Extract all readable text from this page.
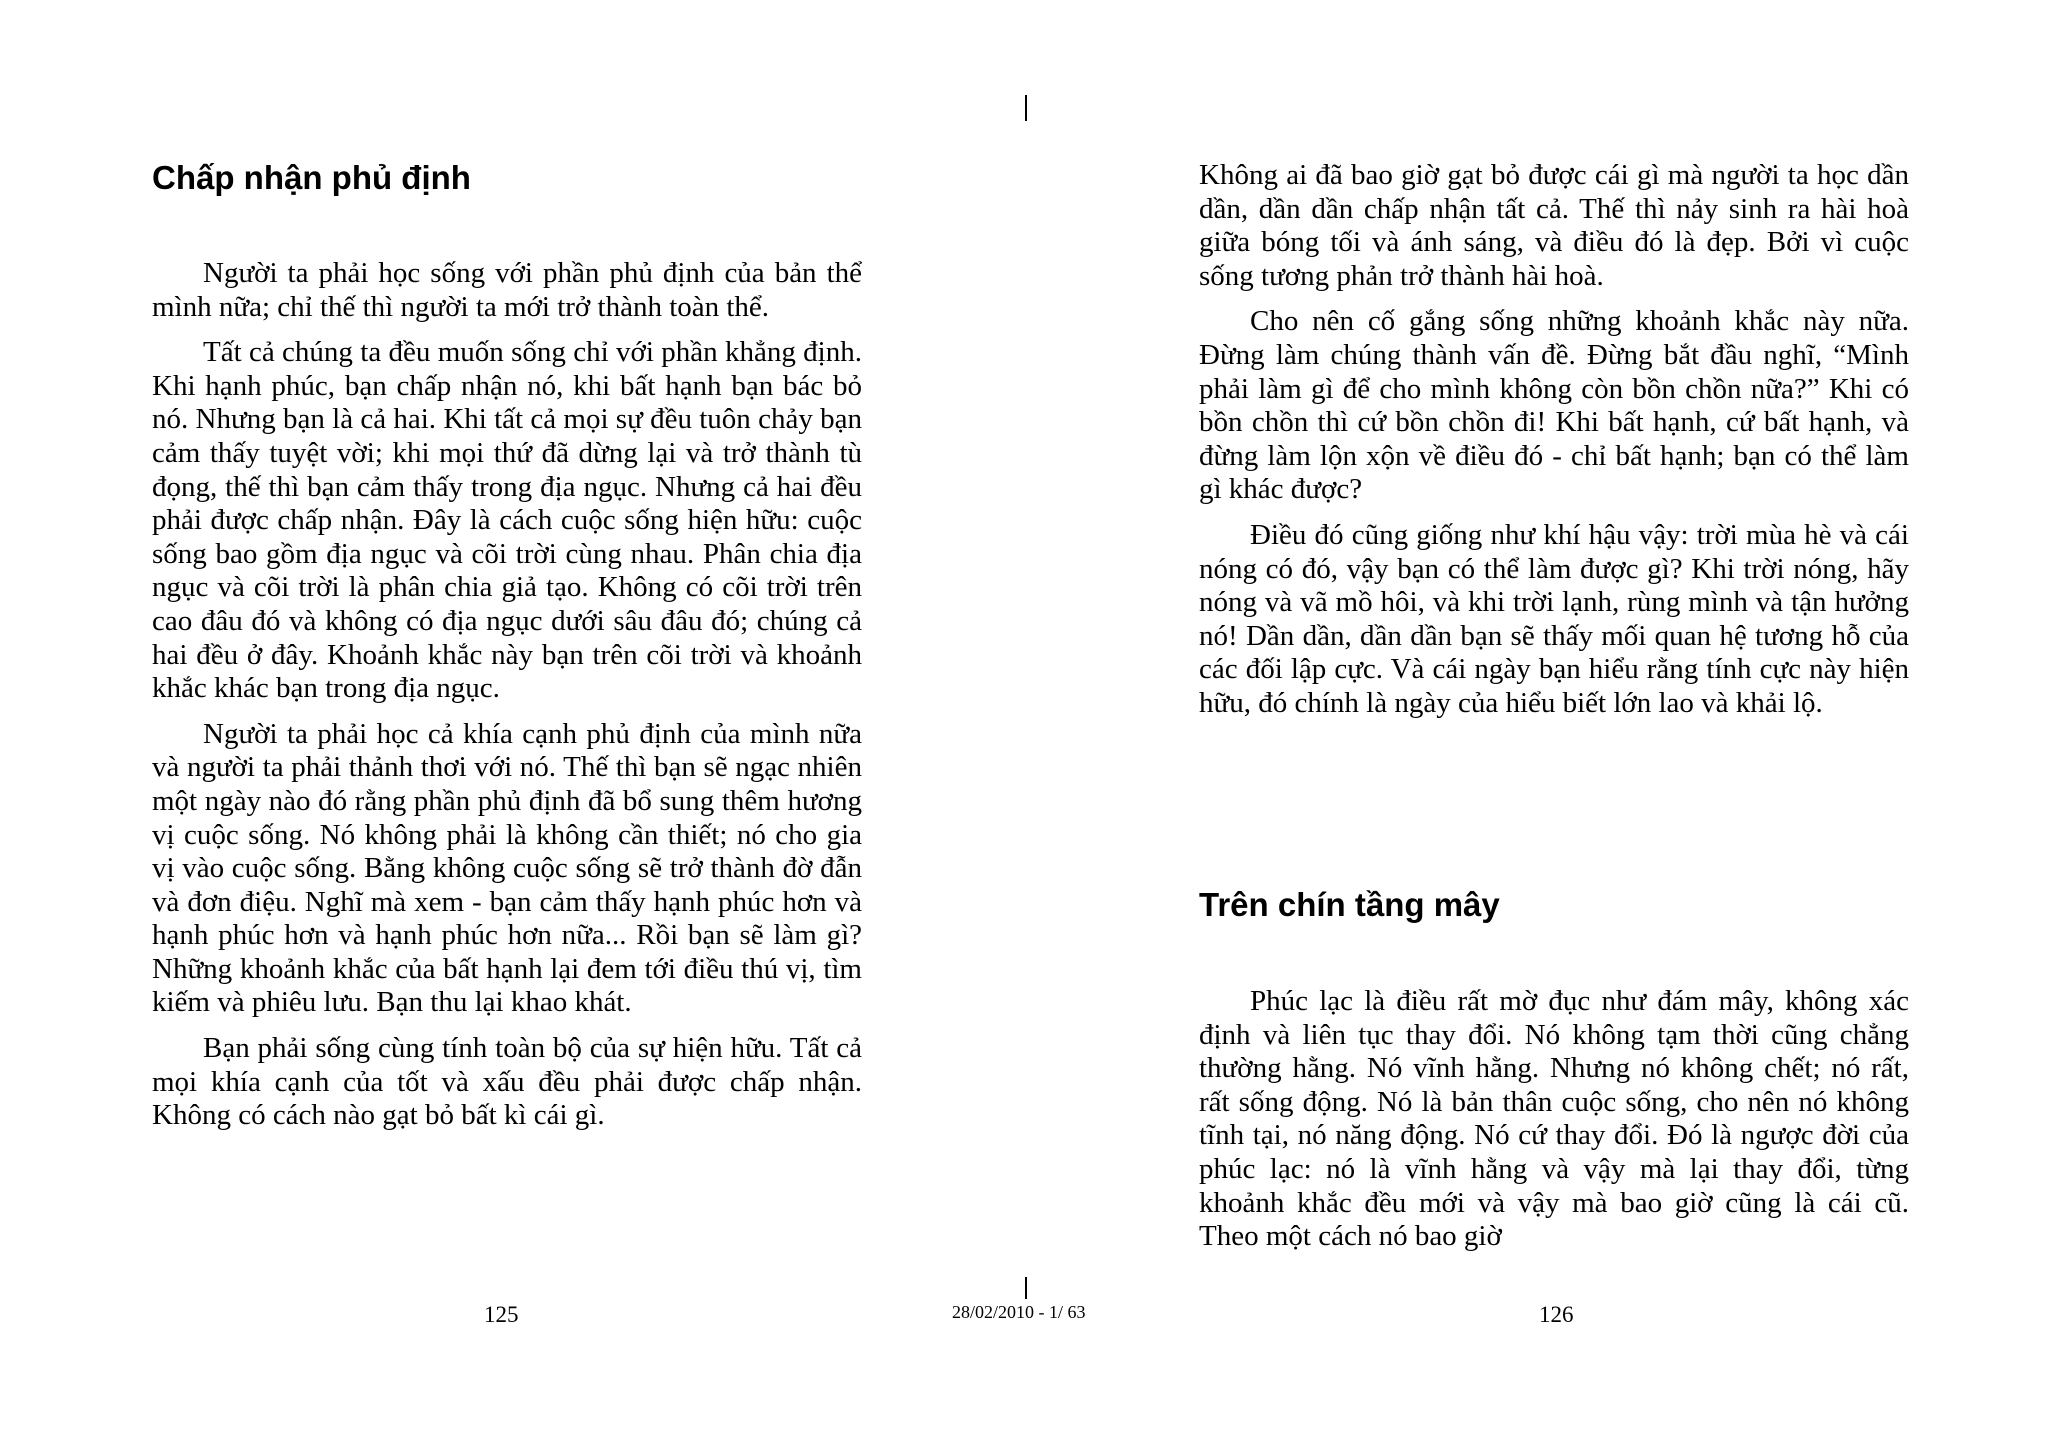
Chấp nhận phủ định

Người ta phải học sống với phần phủ định của bản thể mình nữa; chỉ thế thì người ta mới trở thành toàn thể.

Tất cả chúng ta đều muốn sống chỉ với phần khẳng định. Khi hạnh phúc, bạn chấp nhận nó, khi bất hạnh bạn bác bỏ nó. Nhưng bạn là cả hai. Khi tất cả mọi sự đều tuôn chảy bạn cảm thấy tuyệt vời; khi mọi thứ đã dừng lại và trở thành tù đọng, thế thì bạn cảm thấy trong địa ngục. Nhưng cả hai đều phải được chấp nhận. Đây là cách cuộc sống hiện hữu: cuộc sống bao gồm địa ngục và cõi trời cùng nhau. Phân chia địa ngục và cõi trời là phân chia giả tạo. Không có cõi trời trên cao đâu đó và không có địa ngục dưới sâu đâu đó; chúng cả hai đều ở đây. Khoảnh khắc này bạn trên cõi trời và khoảnh khắc khác bạn trong địa ngục.

Người ta phải học cả khía cạnh phủ định của mình nữa và người ta phải thảnh thơi với nó. Thế thì bạn sẽ ngạc nhiên một ngày nào đó rằng phần phủ định đã bổ sung thêm hương vị cuộc sống. Nó không phải là không cần thiết; nó cho gia vị vào cuộc sống. Bằng không cuộc sống sẽ trở thành đờ đẫn và đơn điệu. Nghĩ mà xem - bạn cảm thấy hạnh phúc hơn và hạnh phúc hơn và hạnh phúc hơn nữa... Rồi bạn sẽ làm gì? Những khoảnh khắc của bất hạnh lại đem tới điều thú vị, tìm kiếm và phiêu lưu. Bạn thu lại khao khát.

Bạn phải sống cùng tính toàn bộ của sự hiện hữu. Tất cả mọi khía cạnh của tốt và xấu đều phải được chấp nhận. Không có cách nào gạt bỏ bất kì cái gì.

125

Không ai đã bao giờ gạt bỏ được cái gì mà người ta học dần dần, dần dần chấp nhận tất cả. Thế thì nảy sinh ra hài hoà giữa bóng tối và ánh sáng, và điều đó là đẹp. Bởi vì cuộc sống tương phản trở thành hài hoà.

Cho nên cố gắng sống những khoảnh khắc này nữa. Đừng làm chúng thành vấn đề. Đừng bắt đầu nghĩ, “Mình phải làm gì để cho mình không còn bồn chồn nữa?” Khi có bồn chồn thì cứ bồn chồn đi! Khi bất hạnh, cứ bất hạnh, và đừng làm lộn xộn về điều đó - chỉ bất hạnh; bạn có thể làm gì khác được?

Điều đó cũng giống như khí hậu vậy: trời mùa hè và cái nóng có đó, vậy bạn có thể làm được gì? Khi trời nóng, hãy nóng và vã mồ hôi, và khi trời lạnh, rùng mình và tận hưởng nó! Dần dần, dần dần bạn sẽ thấy mối quan hệ tương hỗ của các đối lập cực. Và cái ngày bạn hiểu rằng tính cực này hiện hữu, đó chính là ngày của hiểu biết lớn lao và khải lộ.

Trên chín tầng mây

Phúc lạc là điều rất mờ đục như đám mây, không xác định và liên tục thay đổi. Nó không tạm thời cũng chẳng thường hằng. Nó vĩnh hằng. Nhưng nó không chết; nó rất, rất sống động. Nó là bản thân cuộc sống, cho nên nó không tĩnh tại, nó năng động. Nó cứ thay đổi. Đó là ngược đời của phúc lạc: nó là vĩnh hằng và vậy mà lại thay đổi, từng khoảnh khắc đều mới và vậy mà bao giờ cũng là cái cũ. Theo một cách nó bao giờ

126
28/02/2010 - 1/ 63
